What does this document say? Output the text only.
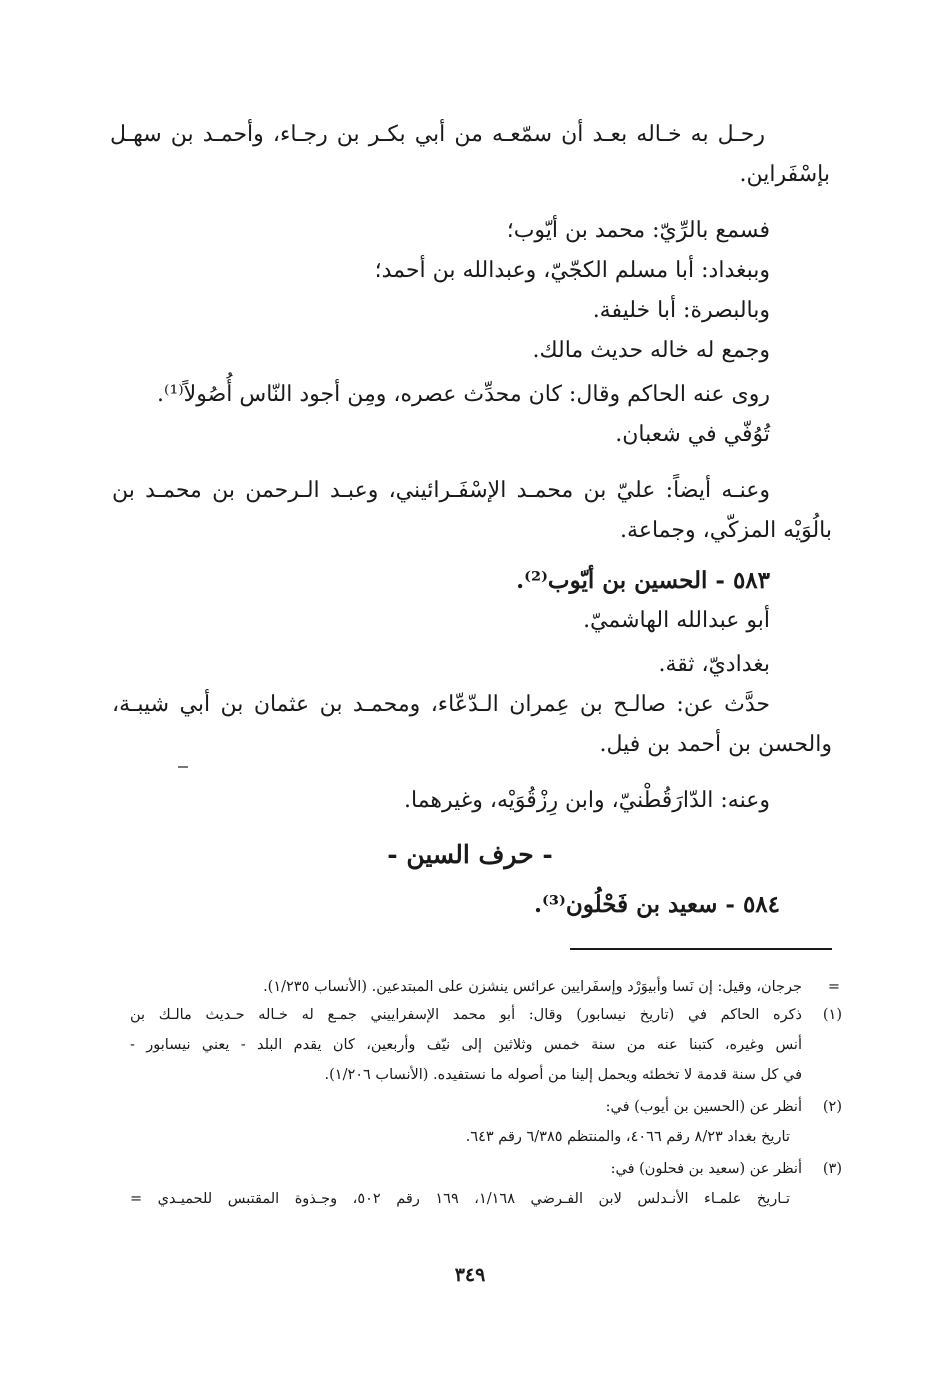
رحـل به خـاله بعـد أن سمّعـه من أبي بكـر بن رجـاء، وأحمـد بن سهـل
بإسْفَراين.
فسمع بالرِّيّ: محمد بن أيّوب؛
وببغداد: أبا مسلم الكجّيّ، وعبدالله بن أحمد؛
وبالبصرة: أبا خليفة.
وجمع له خاله حديث مالك.
روى عنه الحاكم وقال: كان محدِّث عصره، ومِن أجود النّاس أُصُولاً⁽¹⁾.
تُوُفّي في شعبان.
وعنـه أيضاً: عليّ بن محمـد الإسْفَـرائيني، وعبـد الـرحمن بن محمـد بن
بالُوَيْه المزكّي، وجماعة.
٥٨٣ - الحسين بن أيّوب⁽²⁾.
أبو عبدالله الهاشميّ.
بغداديّ، ثقة.
حدَّث عن: صالـح بن عِمران الـدّعّاء، ومحمـد بن عثمان بن أبي شيبـة،
والحسن بن أحمد بن فيل.
وعنه: الدّارَقُطْنيّ، وابن رِزْقُوَيْه، وغيرهما.
- حرف السين -
٥٨٤ - سعيد بن فَحْلُون⁽³⁾.
=
جرجان، وقيل: إن نَسا وأبيوَرْد وإسفَرايين عرائس ينشزن على المبتدعين. (الأنساب ١/٢٣٥).
(١)
ذكره الحاكم في (تاريخ نيسابور) وقال: أبو محمد الإسفراييني جمـع له خـاله حـديث مالـك بن
أنس وغيره، كتبنا عنه من سنة خمس وثلاثين إلى نيّف وأربعين، كان يقدم البلد - يعني نيسابور -
في كل سنة قدمة لا تخطئه ويحمل إلينا من أصوله ما نستفيده. (الأنساب ١/٢٠٦).
(٢)
أنظر عن (الحسين بن أيوب) في:
تاريخ بغداد ٨/٢٣ رقم ٤٠٦٦، والمنتظم ٦/٣٨٥ رقم ٦٤٣.
(٣)
أنظر عن (سعيد بن فحلون) في:
تـاريخ علمـاء الأنـدلس لابن الفـرضي ١/١٦٨، ١٦٩ رقم ٥٠٢، وجـذوة المقتبس للحميـدي =
٣٤٩
